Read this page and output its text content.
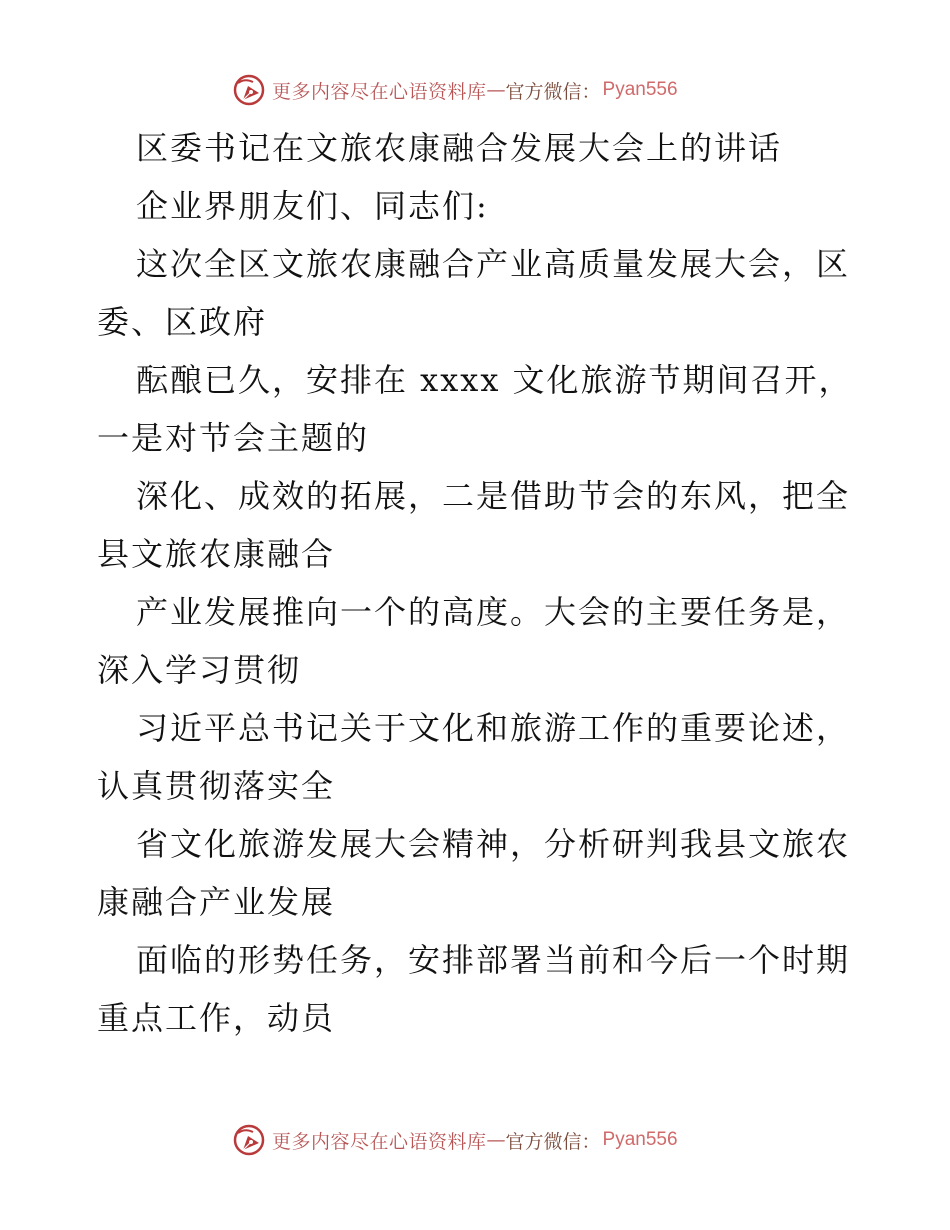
更多内容尽在心语资料库 — 官方微信： Pyan556
区委书记在文旅农康融合发展大会上的讲话
企业界朋友们、同志们:
这次全区文旅农康融合产业高质量发展大会，区
委、区政府
酝酿已久，安排在 xxxx 文化旅游节期间召开，
一是对节会主题的
深化、成效的拓展，二是借助节会的东风，把全
县文旅农康融合
产业发展推向一个的高度。大会的主要任务是，
深入学习贯彻
习近平总书记关于文化和旅游工作的重要论述，
认真贯彻落实全
省文化旅游发展大会精神，分析研判我县文旅农
康融合产业发展
面临的形势任务，安排部署当前和今后一个时期
重点工作，动员
更多内容尽在心语资料库 — 官方微信： Pyan556
